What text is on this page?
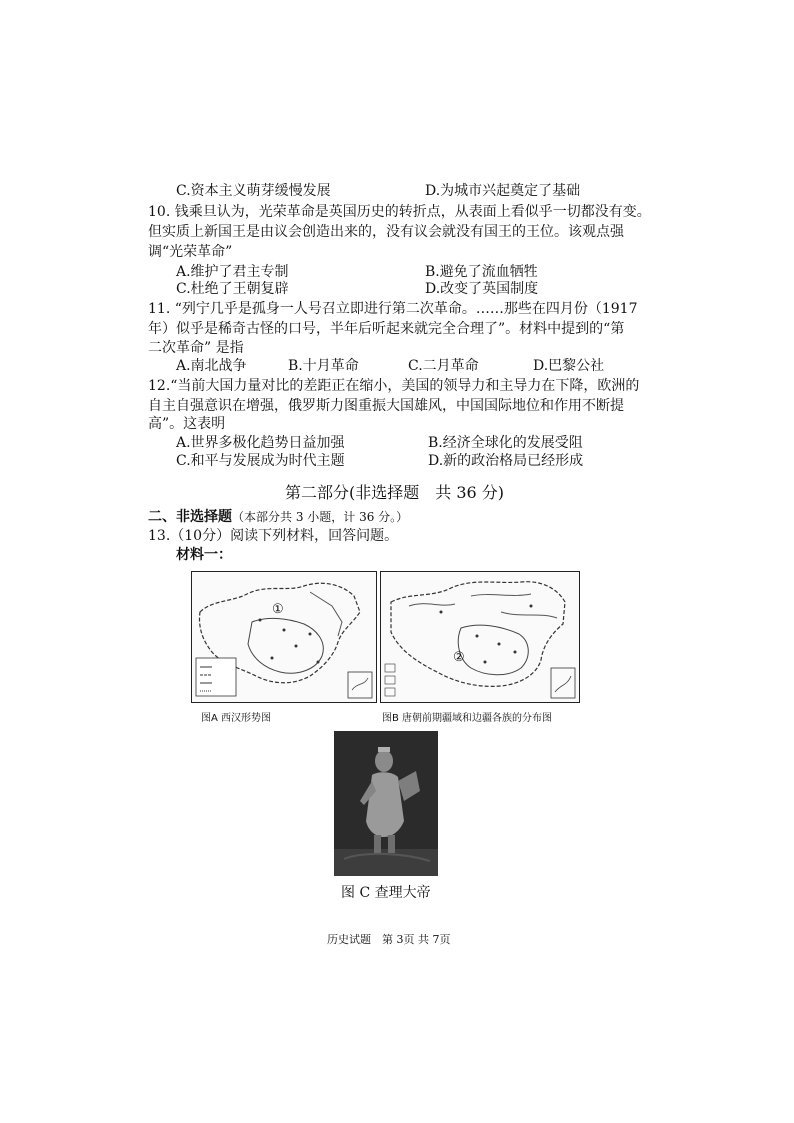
C.资本主义萌芽缓慢发展	D.为城市兴起奠定了基础
10. 钱乘旦认为，光荣革命是英国历史的转折点，从表面上看似乎一切都没有变。
但实质上新国王是由议会创造出来的，没有议会就没有国王的王位。该观点强
调“光荣革命”
A.维护了君主专制	B.避免了流血牺牲
C.杜绝了王朝复辟	D.改变了英国制度
11. “列宁几乎是孤身一人号召立即进行第二次革命。……那些在四月份（1917
年）似乎是稀奇古怪的口号，半年后听起来就完全合理了”。材料中提到的“第
二次革命” 是指
A.南北战争	B.十月革命	C.二月革命	D.巴黎公社
12.“当前大国力量对比的差距正在缩小，美国的领导力和主导力在下降，欧洲的
自主自强意识在增强，俄罗斯力图重振大国雄风，中国国际地位和作用不断提
高”。这表明
A.世界多极化趋势日益加强	B.经济全球化的发展受阻
C.和平与发展成为时代主题	D.新的政治格局已经形成
第二部分(非选择题　共 36 分)
二、非选择题（本部分共 3 小题，计 36 分。）
13.（10分）阅读下列材料，回答问题。
材料一：
①
图A 西汉形势图
②
图B 唐朝前期疆域和边疆各族的分布图
图 C 查理大帝
历史试题　第 3页 共 7页
